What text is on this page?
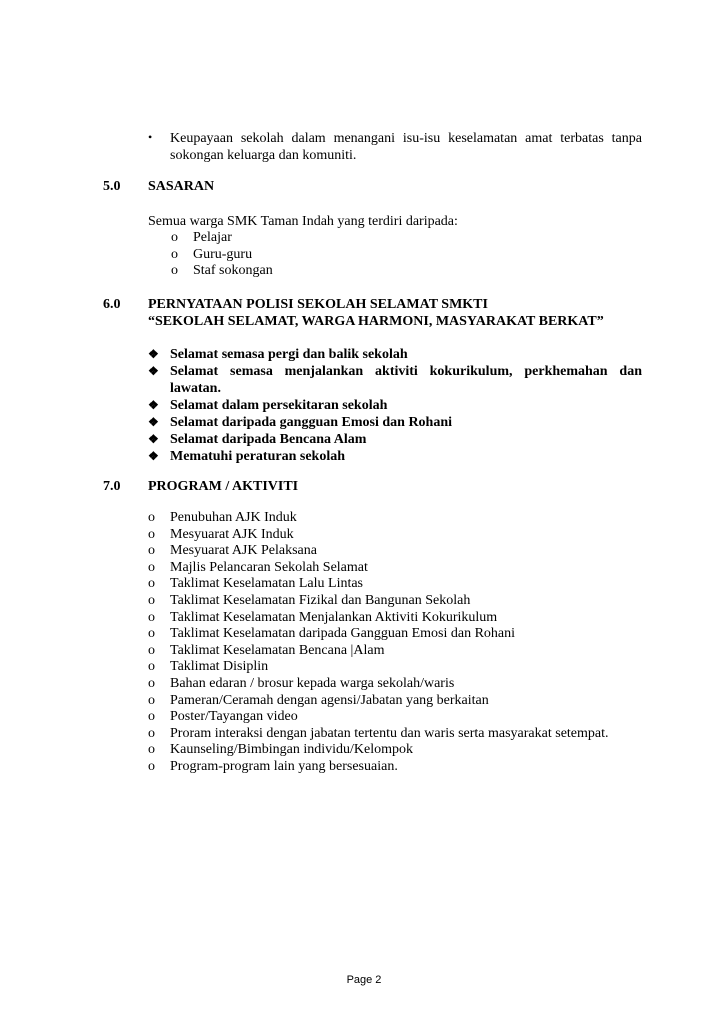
• Keupayaan sekolah dalam menangani isu-isu keselamatan amat terbatas tanpa sokongan keluarga dan komuniti.
5.0 SASARAN
Semua warga SMK Taman Indah yang terdiri daripada:
o Pelajar
o Guru-guru
o Staf sokongan
6.0 PERNYATAAN POLISI SEKOLAH SELAMAT SMKTI
“SEKOLAH SELAMAT, WARGA HARMONI, MASYARAKAT BERKAT”
❖ Selamat semasa pergi dan balik sekolah
❖ Selamat semasa menjalankan aktiviti kokurikulum, perkhemahan dan lawatan.
❖ Selamat dalam persekitaran sekolah
❖ Selamat daripada gangguan Emosi dan Rohani
❖ Selamat daripada Bencana Alam
❖ Mematuhi peraturan sekolah
7.0 PROGRAM / AKTIVITI
o Penubuhan AJK Induk
o Mesyuarat AJK Induk
o Mesyuarat AJK Pelaksana
o Majlis Pelancaran Sekolah Selamat
o Taklimat Keselamatan Lalu Lintas
o Taklimat Keselamatan Fizikal dan Bangunan Sekolah
o Taklimat Keselamatan Menjalankan Aktiviti Kokurikulum
o Taklimat Keselamatan daripada Gangguan Emosi dan Rohani
o Taklimat Keselamatan Bencana |Alam
o Taklimat Disiplin
o Bahan edaran / brosur kepada warga sekolah/waris
o Pameran/Ceramah dengan agensi/Jabatan yang berkaitan
o Poster/Tayangan video
o Proram interaksi dengan jabatan tertentu dan waris serta masyarakat setempat.
o Kaunseling/Bimbingan individu/Kelompok
o Program-program lain yang bersesuaian.
Page 2
